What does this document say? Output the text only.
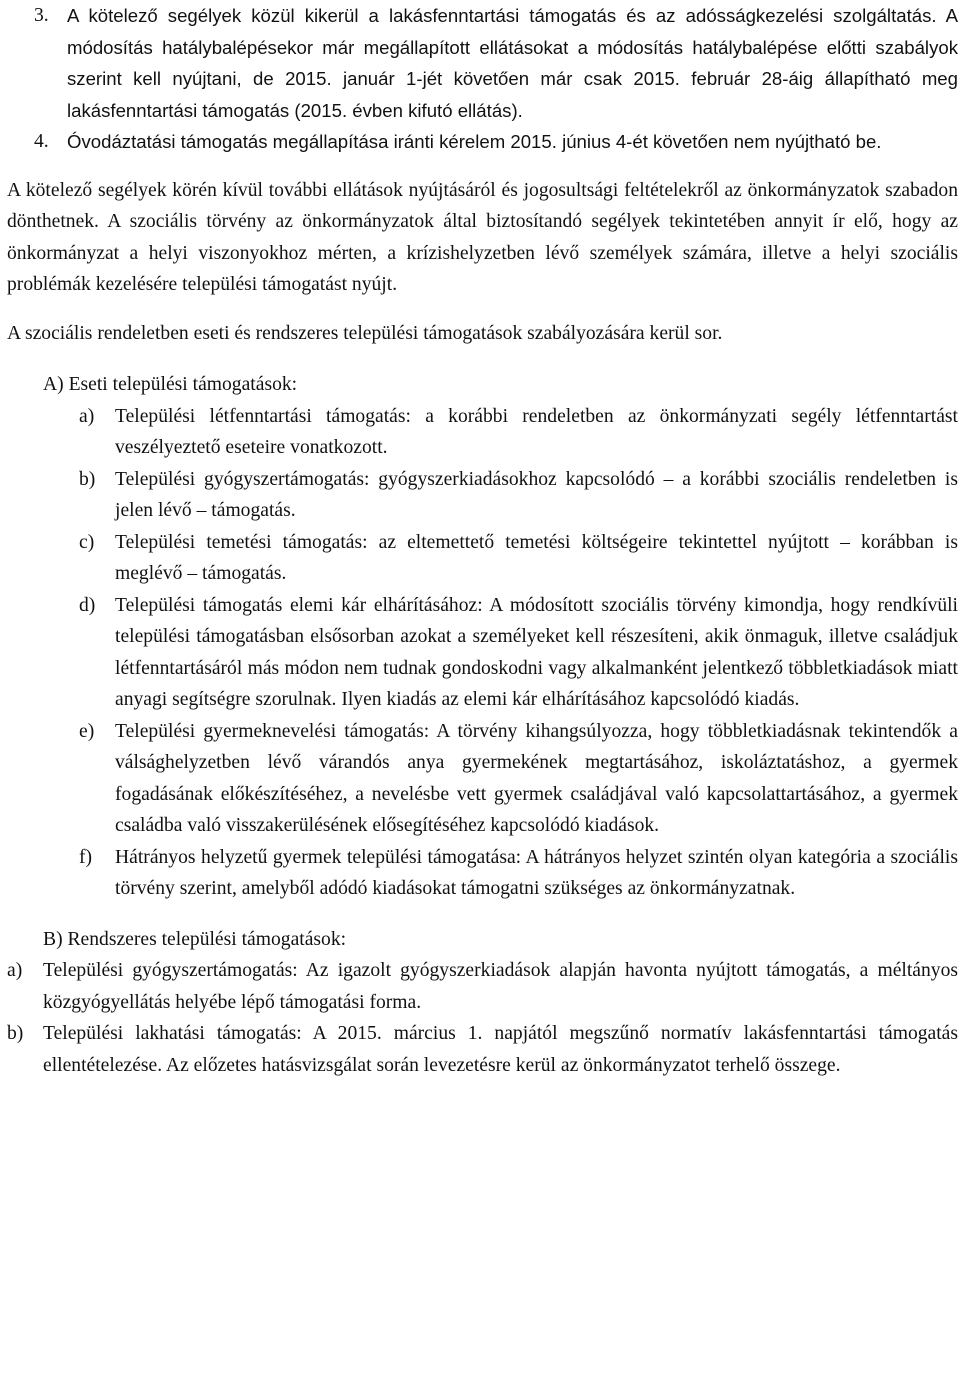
3. A kötelező segélyek közül kikerül a lakásfenntartási támogatás és az adósságkezelési szolgáltatás. A módosítás hatálybalépésekor már megállapított ellátásokat a módosítás hatálybalépése előtti szabályok szerint kell nyújtani, de 2015. január 1-jét követően már csak 2015. február 28-áig állapítható meg lakásfenntartási támogatás (2015. évben kifutó ellátás).
4. Óvodáztatási támogatás megállapítása iránti kérelem 2015. június 4-ét követően nem nyújtható be.

A kötelező segélyek körén kívül további ellátások nyújtásáról és jogosultsági feltételekről az önkormányzatok szabadon dönthetnek. A szociális törvény az önkormányzatok által biztosítandó segélyek tekintetében annyit ír elő, hogy az önkormányzat a helyi viszonyokhoz mérten, a krízishelyzetben lévő személyek számára, illetve a helyi szociális problémák kezelésére települési támogatást nyújt.

A szociális rendeletben eseti és rendszeres települési támogatások szabályozására kerül sor.

A) Eseti települési támogatások:
a)	Települési létfenntartási támogatás: a korábbi rendeletben az önkormányzati segély létfenntartást veszélyeztető eseteire vonatkozott.
b)	Települési gyógyszertámogatás: gyógyszerkiadásokhoz kapcsolódó – a korábbi szociális rendeletben is jelen lévő – támogatás.
c)	Települési temetési támogatás: az eltemettető temetési költségeire tekintettel nyújtott – korábban is meglévő – támogatás.
d)	Települési támogatás elemi kár elhárításához: A módosított szociális törvény kimondja, hogy rendkívüli települési támogatásban elsősorban azokat a személyeket kell részesíteni, akik önmaguk, illetve családjuk létfenntartásáról más módon nem tudnak gondoskodni vagy alkalmanként jelentkező többletkiadások miatt anyagi segítségre szorulnak. Ilyen kiadás az elemi kár elhárításához kapcsolódó kiadás.
e)	Települési gyermeknevelési támogatás: A törvény kihangsúlyozza, hogy többletkiadásnak tekintendők a válsághelyzetben lévő várandós anya gyermekének megtartásához, iskoláztatáshoz, a gyermek fogadásának előkészítéséhez, a nevelésbe vett gyermek családjával való kapcsolattartásához, a gyermek családba való visszakerülésének elősegítéséhez kapcsolódó kiadások.
f)	Hátrányos helyzetű gyermek települési támogatása: A hátrányos helyzet szintén olyan kategória a szociális törvény szerint, amelyből adódó kiadásokat támogatni szükséges az önkormányzatnak.
B) Rendszeres települési támogatások:
a)	Települési gyógyszertámogatás: Az igazolt gyógyszerkiadások alapján havonta nyújtott támogatás, a méltányos közgyógyellátás helyébe lépő támogatási forma.
b)	Települési lakhatási támogatás: A 2015. március 1. napjától megszűnő normatív lakásfenntartási támogatás ellentételezése. Az előzetes hatásvizsgálat során levezetésre kerül az önkormányzatot terhelő összege.
